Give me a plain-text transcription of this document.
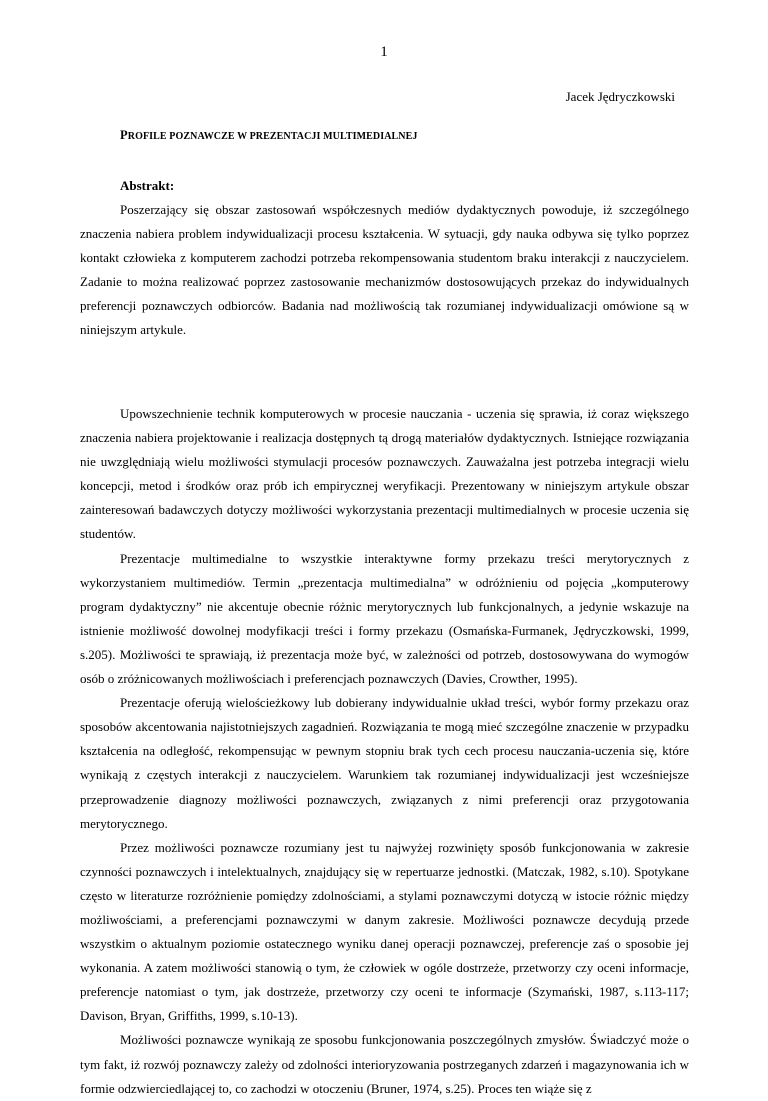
1
Jacek Jędryczkowski
PROFILE POZNAWCZE W PREZENTACJI MULTIMEDIALNEJ
Abstrakt:

Poszerzający się obszar zastosowań współczesnych mediów dydaktycznych powoduje, iż szczególnego znaczenia nabiera problem indywidualizacji procesu kształcenia. W sytuacji, gdy nauka odbywa się tylko poprzez kontakt człowieka z komputerem zachodzi potrzeba rekompensowania studentom braku interakcji z nauczycielem. Zadanie to można realizować poprzez zastosowanie mechanizmów dostosowujących przekaz do indywidualnych preferencji poznawczych odbiorców. Badania nad możliwością tak rozumianej indywidualizacji omówione są w niniejszym artykule.

Upowszechnienie technik komputerowych w procesie nauczania - uczenia się sprawia, iż coraz większego znaczenia nabiera projektowanie i realizacja dostępnych tą drogą materiałów dydaktycznych. Istniejące rozwiązania nie uwzględniają wielu możliwości stymulacji procesów poznawczych. Zauważalna jest potrzeba integracji wielu koncepcji, metod i środków oraz prób ich empirycznej weryfikacji. Prezentowany w niniejszym artykule obszar zainteresowań badawczych dotyczy możliwości wykorzystania prezentacji multimedialnych w procesie uczenia się studentów.

Prezentacje multimedialne to wszystkie interaktywne formy przekazu treści merytorycznych z wykorzystaniem multimediów. Termin „prezentacja multimedialna” w odróżnieniu od pojęcia „komputerowy program dydaktyczny” nie akcentuje obecnie różnic merytorycznych lub funkcjonalnych, a jedynie wskazuje na istnienie możliwość dowolnej modyfikacji treści i formy przekazu (Osmańska-Furmanek, Jędryczkowski, 1999, s.205). Możliwości te sprawiają, iż prezentacja może być, w zależności od potrzeb, dostosowywana do wymogów osób o zróżnicowanych możliwościach i preferencjach poznawczych (Davies, Crowther, 1995).

Prezentacje oferują wielościeżkowy lub dobierany indywidualnie układ treści, wybór formy przekazu oraz sposobów akcentowania najistotniejszych zagadnień. Rozwiązania te mogą mieć szczególne znaczenie w przypadku kształcenia na odległość, rekompensując w pewnym stopniu brak tych cech procesu nauczania-uczenia się, które wynikają z częstych interakcji z nauczycielem. Warunkiem tak rozumianej indywidualizacji jest wcześniejsze przeprowadzenie diagnozy możliwości poznawczych, związanych z nimi preferencji oraz przygotowania merytorycznego.

Przez możliwości poznawcze rozumiany jest tu najwyżej rozwinięty sposób funkcjonowania w zakresie czynności poznawczych i intelektualnych, znajdujący się w repertuarze jednostki. (Matczak, 1982, s.10). Spotykane często w literaturze rozróżnienie pomiędzy zdolnościami, a stylami poznawczymi dotyczą w istocie różnic między możliwościami, a preferencjami poznawczymi w danym zakresie. Możliwości poznawcze decydują przede wszystkim o aktualnym poziomie ostatecznego wyniku danej operacji poznawczej, preferencje zaś o sposobie jej wykonania. A zatem możliwości stanowią o tym, że człowiek w ogóle dostrzeże, przetworzy czy oceni informacje, preferencje natomiast o tym, jak dostrzeże, przetworzy czy oceni te informacje (Szymański, 1987, s.113-117; Davison, Bryan, Griffiths, 1999, s.10-13).

Możliwości poznawcze wynikają ze sposobu funkcjonowania poszczególnych zmysłów. Świadczyć może o tym fakt, iż rozwój poznawczy zależy od zdolności interioryzowania postrzeganych zdarzeń i magazynowania ich w formie odzwierciedlającej to, co zachodzi w otoczeniu (Bruner, 1974, s.25). Proces ten wiąże się z
